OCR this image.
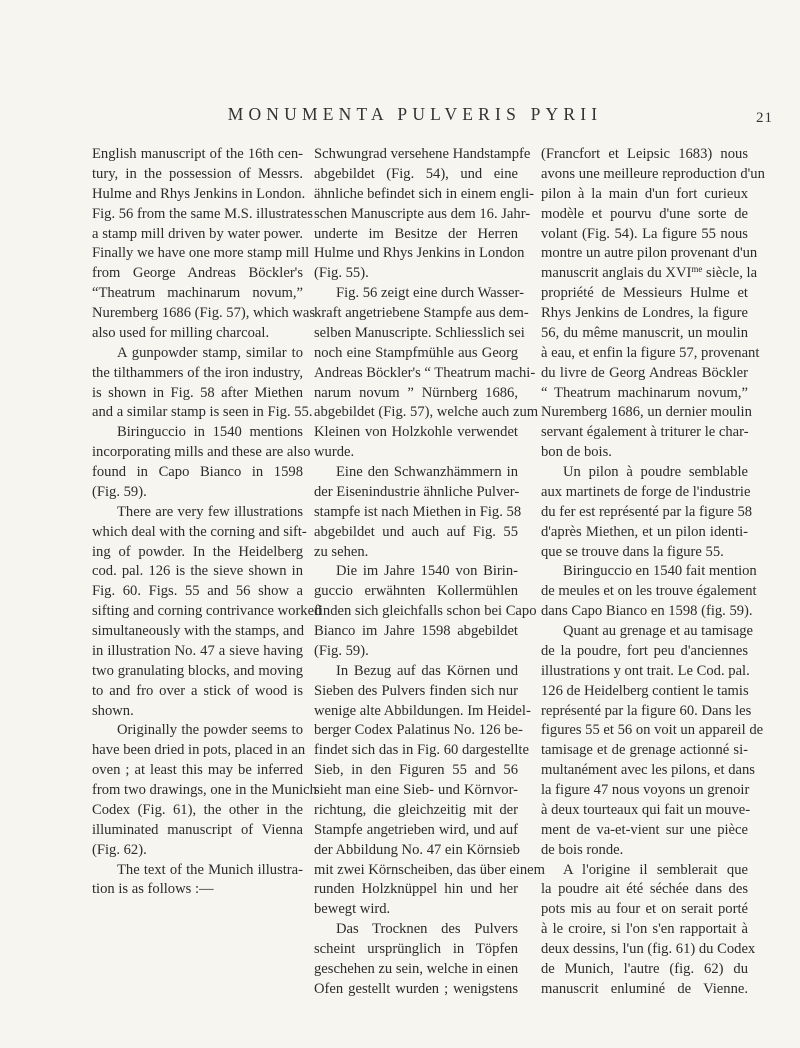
MONUMENTA PULVERIS PYRII	21
English manuscript of the 16th cen-
tury, in the possession of Messrs.
Hulme and Rhys Jenkins in London.
Fig. 56 from the same M.S. illustrates
a stamp mill driven by water power.
Finally we have one more stamp mill
from George Andreas Böckler's
“Theatrum machinarum novum,”
Nuremberg 1686 (Fig. 57), which was
also used for milling charcoal.
A gunpowder stamp, similar to
the tilthammers of the iron industry,
is shown in Fig. 58 after Miethen
and a similar stamp is seen in Fig. 55.
Biringuccio in 1540 mentions
incorporating mills and these are also
found in Capo Bianco in 1598
(Fig. 59).
There are very few illustrations
which deal with the corning and sift-
ing of powder. In the Heidelberg
cod. pal. 126 is the sieve shown in
Fig. 60. Figs. 55 and 56 show a
sifting and corning contrivance worked
simultaneously with the stamps, and
in illustration No. 47 a sieve having
two granulating blocks, and moving
to and fro over a stick of wood is
shown.
Originally the powder seems to
have been dried in pots, placed in an
oven ; at least this may be inferred
from two drawings, one in the Munich
Codex (Fig. 61), the other in the
illuminated manuscript of Vienna
(Fig. 62).
The text of the Munich illustra-
tion is as follows :—
Schwungrad versehene Handstampfe
abgebildet (Fig. 54), und eine
ähnliche befindet sich in einem engli-
schen Manuscripte aus dem 16. Jahr-
underte im Besitze der Herren
Hulme und Rhys Jenkins in London
(Fig. 55).
Fig. 56 zeigt eine durch Wasser-
kraft angetriebene Stampfe aus dem-
selben Manuscripte. Schliesslich sei
noch eine Stampfmühle aus Georg
Andreas Böckler's “ Theatrum machi-
narum novum ” Nürnberg 1686,
abgebildet (Fig. 57), welche auch zum
Kleinen von Holzkohle verwendet
wurde.
Eine den Schwanzhämmern in
der Eisenindustrie ähnliche Pulver-
stampfe ist nach Miethen in Fig. 58
abgebildet und auch auf Fig. 55
zu sehen.
Die im Jahre 1540 von Birin-
guccio erwähnten Kollermühlen
finden sich gleichfalls schon bei Capo
Bianco im Jahre 1598 abgebildet
(Fig. 59).
In Bezug auf das Körnen und
Sieben des Pulvers finden sich nur
wenige alte Abbildungen. Im Heidel-
berger Codex Palatinus No. 126 be-
findet sich das in Fig. 60 dargestellte
Sieb, in den Figuren 55 and 56
sieht man eine Sieb- und Körnvor-
richtung, die gleichzeitig mit der
Stampfe angetrieben wird, und auf
der Abbildung No. 47 ein Körnsieb
mit zwei Körnscheiben, das über einem
runden Holzknüppel hin und her
bewegt wird.
Das Trocknen des Pulvers
scheint ursprünglich in Töpfen
geschehen zu sein, welche in einen
Ofen gestellt wurden ; wenigstens
(Francfort et Leipsic 1683) nous
avons une meilleure reproduction d'un
pilon à la main d'un fort curieux
modèle et pourvu d'une sorte de
volant (Fig. 54). La figure 55 nous
montre un autre pilon provenant d'un
manuscrit anglais du $XVI^{me}$ siècle, la
propriété de Messieurs Hulme et
Rhys Jenkins de Londres, la figure
56, du même manuscrit, un moulin
à eau, et enfin la figure 57, provenant
du livre de Georg Andreas Böckler
“ Theatrum machinarum novum,”
Nuremberg 1686, un dernier moulin
servant également à triturer le char-
bon de bois.
Un pilon à poudre semblable
aux martinets de forge de l'industrie
du fer est représenté par la figure 58
d'après Miethen, et un pilon identi-
que se trouve dans la figure 55.
Biringuccio en 1540 fait mention
de meules et on les trouve également
dans Capo Bianco en 1598 (fig. 59).
Quant au grenage et au tamisage
de la poudre, fort peu d'anciennes
illustrations y ont trait. Le Cod. pal.
126 de Heidelberg contient le tamis
représenté par la figure 60. Dans les
figures 55 et 56 on voit un appareil de
tamisage et de grenage actionné si-
multanément avec les pilons, et dans
la figure 47 nous voyons un grenoir
à deux tourteaux qui fait un mouve-
ment de va-et-vient sur une pièce
de bois ronde.
A l'origine il semblerait que
la poudre ait été séchée dans des
pots mis au four et on serait porté
à le croire, si l'on s'en rapportait à
deux dessins, l'un (fig. 61) du Codex
de Munich, l'autre (fig. 62) du
manuscrit enluminé de Vienne.
